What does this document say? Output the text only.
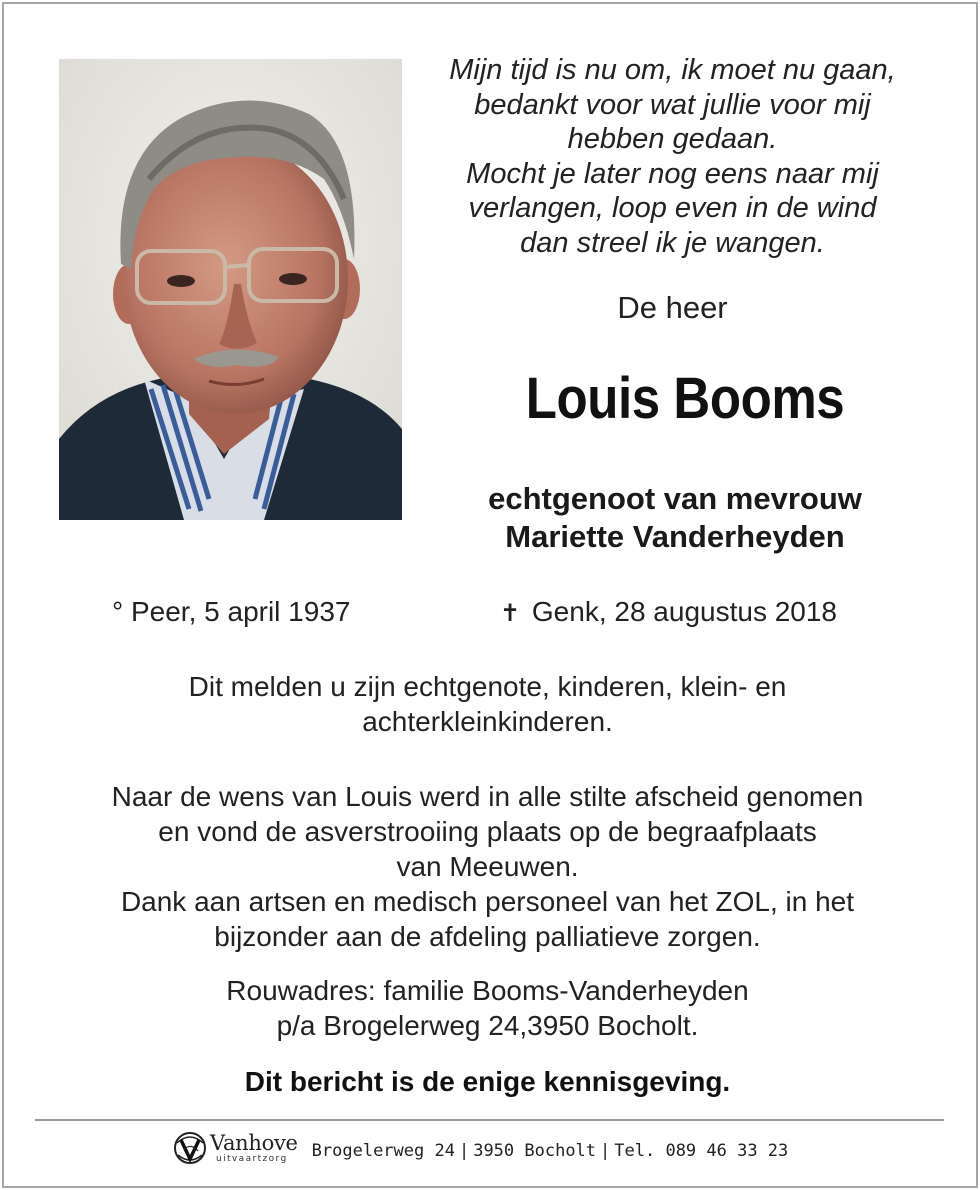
Mijn tijd is nu om, ik moet nu gaan,
bedankt voor wat jullie voor mij
hebben gedaan.
Mocht je later nog eens naar mij
verlangen, loop even in de wind
dan streel ik je wangen.
De heer
Louis Booms
echtgenoot van mevrouw
Mariette Vanderheyden
° Peer, 5 april 1937	✝ Genk, 28 augustus 2018
Dit melden u zijn echtgenote, kinderen, klein- en
achterkleinkinderen.
Naar de wens van Louis werd in alle stilte afscheid genomen
en vond de asverstrooiing plaats op de begraafplaats
van Meeuwen.
Dank aan artsen en medisch personeel van het ZOL, in het
bijzonder aan de afdeling palliatieve zorgen.
Rouwadres: familie Booms-Vanderheyden
p/a Brogelerweg 24,3950 Bocholt.
Dit bericht is de enige kennisgeving.
Vanhove
uitvaartzorg	Brogelerweg 24 | 3950 Bocholt | Tel. 089 46 33 23
